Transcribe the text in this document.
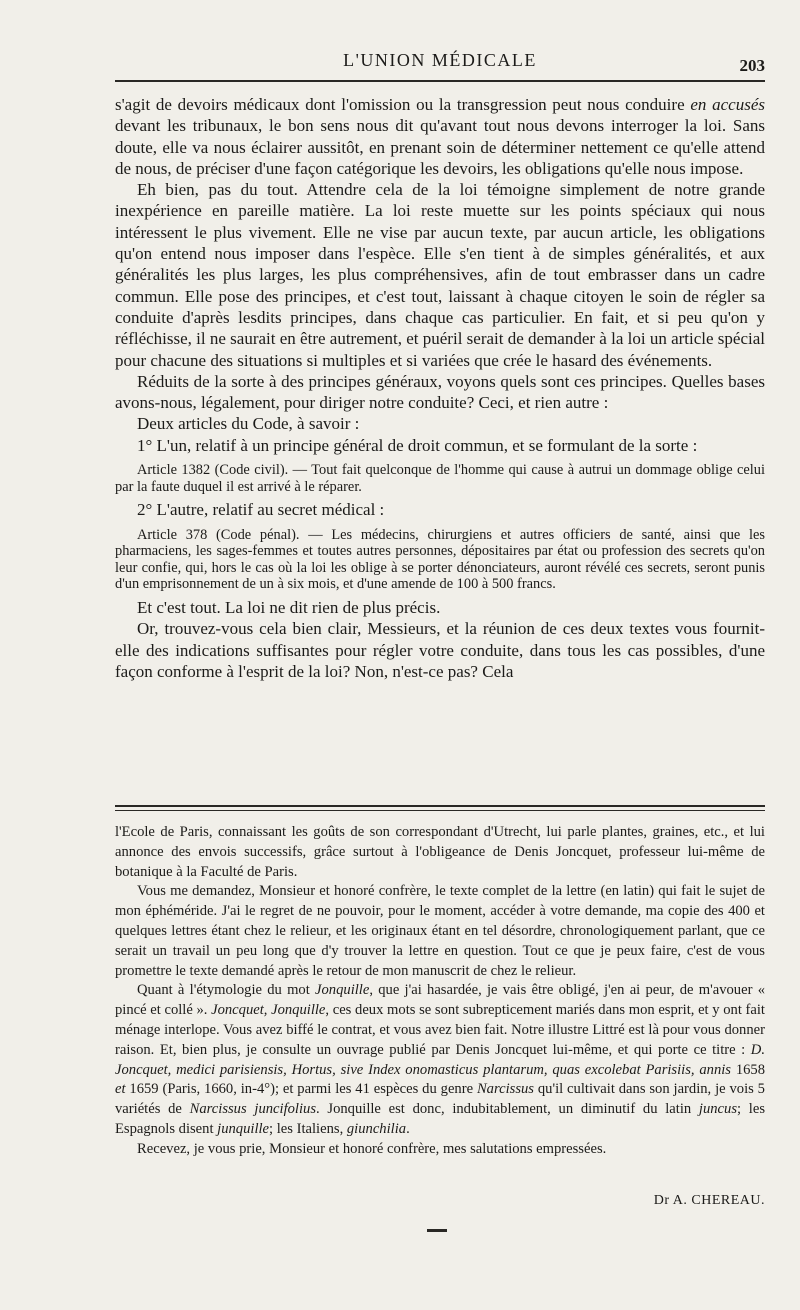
L'UNION MÉDICALE	203

s'agit de devoirs médicaux dont l'omission ou la transgression peut nous conduire en accusés devant les tribunaux, le bon sens nous dit qu'avant tout nous devons interroger la loi. Sans doute, elle va nous éclairer aussitôt, en prenant soin de déterminer nettement ce qu'elle attend de nous, de préciser d'une façon catégorique les devoirs, les obligations qu'elle nous impose.

Eh bien, pas du tout. Attendre cela de la loi témoigne simplement de notre grande inexpérience en pareille matière. La loi reste muette sur les points spéciaux qui nous intéressent le plus vivement. Elle ne vise par aucun texte, par aucun article, les obligations qu'on entend nous imposer dans l'espèce. Elle s'en tient à de simples généralités, et aux généralités les plus larges, les plus compréhensives, afin de tout embrasser dans un cadre commun. Elle pose des principes, et c'est tout, laissant à chaque citoyen le soin de régler sa conduite d'après lesdits principes, dans chaque cas particulier. En fait, et si peu qu'on y réfléchisse, il ne saurait en être autrement, et puéril serait de demander à la loi un article spécial pour chacune des situations si multiples et si variées que crée le hasard des événements.

Réduits de la sorte à des principes généraux, voyons quels sont ces principes. Quelles bases avons-nous, légalement, pour diriger notre conduite? Ceci, et rien autre :

Deux articles du Code, à savoir :

1° L'un, relatif à un principe général de droit commun, et se formulant de la sorte :

Article 1382 (Code civil). — Tout fait quelconque de l'homme qui cause à autrui un dommage oblige celui par la faute duquel il est arrivé à le réparer.

2° L'autre, relatif au secret médical :

Article 378 (Code pénal). — Les médecins, chirurgiens et autres officiers de santé, ainsi que les pharmaciens, les sages-femmes et toutes autres personnes, dépositaires par état ou profession des secrets qu'on leur confie, qui, hors le cas où la loi les oblige à se porter dénonciateurs, auront révélé ces secrets, seront punis d'un emprisonnement de un à six mois, et d'une amende de 100 à 500 francs.

Et c'est tout. La loi ne dit rien de plus précis.

Or, trouvez-vous cela bien clair, Messieurs, et la réunion de ces deux textes vous fournit-elle des indications suffisantes pour régler votre conduite, dans tous les cas possibles, d'une façon conforme à l'esprit de la loi? Non, n'est-ce pas? Cela

l'Ecole de Paris, connaissant les goûts de son correspondant d'Utrecht, lui parle plantes, graines, etc., et lui annonce des envois successifs, grâce surtout à l'obligeance de Denis Joncquet, professeur lui-même de botanique à la Faculté de Paris.

Vous me demandez, Monsieur et honoré confrère, le texte complet de la lettre (en latin) qui fait le sujet de mon éphéméride. J'ai le regret de ne pouvoir, pour le moment, accéder à votre demande, ma copie des 400 et quelques lettres étant chez le relieur, et les originaux étant en tel désordre, chronologiquement parlant, que ce serait un travail un peu long que d'y trouver la lettre en question. Tout ce que je peux faire, c'est de vous promettre le texte demandé après le retour de mon manuscrit de chez le relieur.

Quant à l'étymologie du mot Jonquille, que j'ai hasardée, je vais être obligé, j'en ai peur, de m'avouer « pincé et collé ». Joncquet, Jonquille, ces deux mots se sont subrepticement mariés dans mon esprit, et y ont fait ménage interlope. Vous avez biffé le contrat, et vous avez bien fait. Notre illustre Littré est là pour vous donner raison. Et, bien plus, je consulte un ouvrage publié par Denis Joncquet lui-même, et qui porte ce titre : D. Joncquet, medici parisiensis, Hortus, sive Index onomasticus plantarum, quas excolebat Parisiis, annis 1658 et 1659 (Paris, 1660, in-4°); et parmi les 41 espèces du genre Narcissus qu'il cultivait dans son jardin, je vois 5 variétés de Narcissus juncifolius. Jonquille est donc, indubitablement, un diminutif du latin juncus; les Espagnols disent junquille; les Italiens, giunchilia.

Recevez, je vous prie, Monsieur et honoré confrère, mes salutations empressées.

Dr A. CHEREAU.
